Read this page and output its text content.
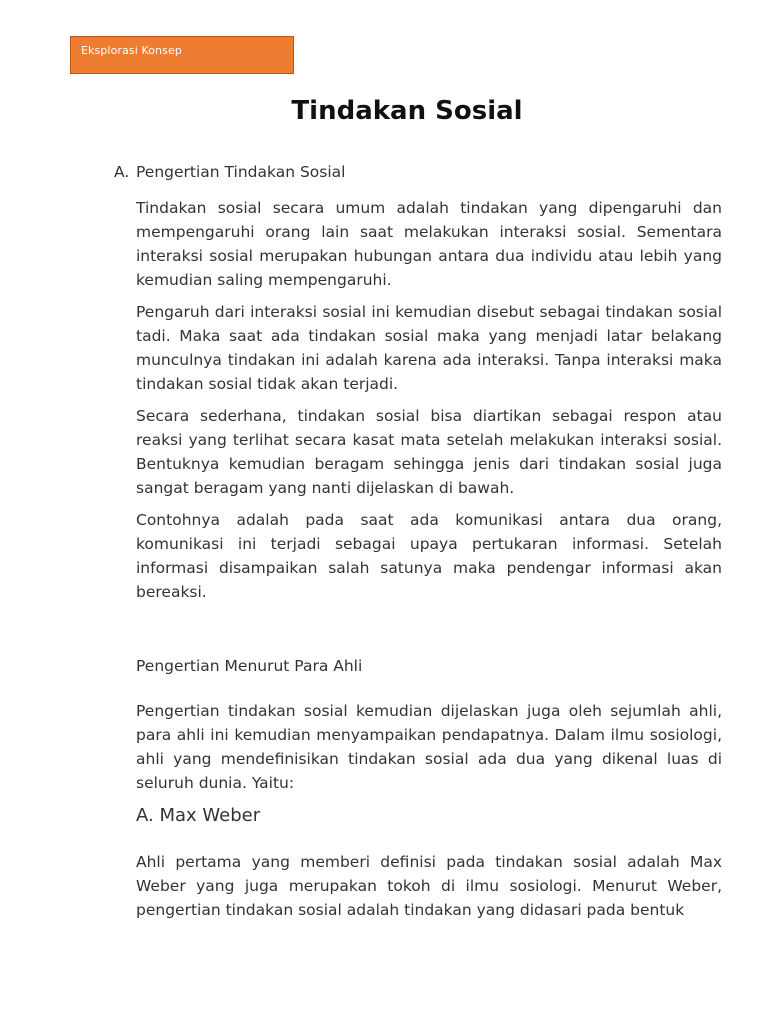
Eksplorasi Konsep
Tindakan Sosial
A. Pengertian Tindakan Sosial

Tindakan sosial secara umum adalah tindakan yang dipengaruhi dan mempengaruhi orang lain saat melakukan interaksi sosial. Sementara interaksi sosial merupakan hubungan antara dua individu atau lebih yang kemudian saling mempengaruhi.

Pengaruh dari interaksi sosial ini kemudian disebut sebagai tindakan sosial tadi. Maka saat ada tindakan sosial maka yang menjadi latar belakang munculnya tindakan ini adalah karena ada interaksi. Tanpa interaksi maka tindakan sosial tidak akan terjadi.

Secara sederhana, tindakan sosial bisa diartikan sebagai respon atau reaksi yang terlihat secara kasat mata setelah melakukan interaksi sosial. Bentuknya kemudian beragam sehingga jenis dari tindakan sosial juga sangat beragam yang nanti dijelaskan di bawah.

Contohnya adalah pada saat ada komunikasi antara dua orang, komunikasi ini terjadi sebagai upaya pertukaran informasi. Setelah informasi disampaikan salah satunya maka pendengar informasi akan bereaksi.

Pengertian Menurut Para Ahli

Pengertian tindakan sosial kemudian dijelaskan juga oleh sejumlah ahli, para ahli ini kemudian menyampaikan pendapatnya. Dalam ilmu sosiologi, ahli yang mendefinisikan tindakan sosial ada dua yang dikenal luas di seluruh dunia. Yaitu:

A. Max Weber

Ahli pertama yang memberi definisi pada tindakan sosial adalah Max Weber yang juga merupakan tokoh di ilmu sosiologi. Menurut Weber, pengertian tindakan sosial adalah tindakan yang didasari pada bentuk
